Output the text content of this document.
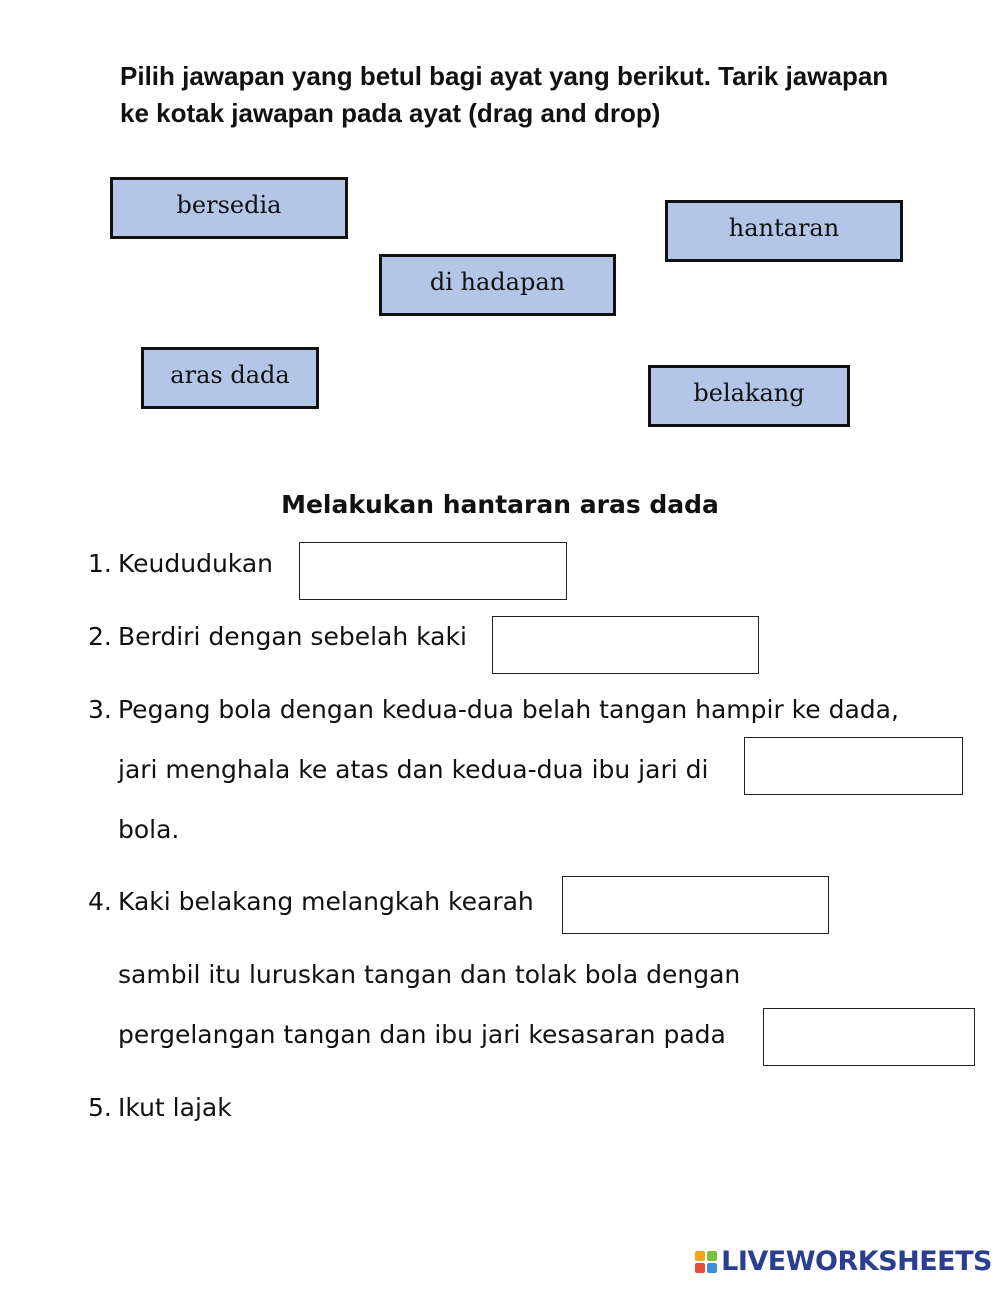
Pilih jawapan yang betul bagi ayat yang berikut. Tarik jawapan ke kotak jawapan pada ayat (drag and drop)

bersedia
hantaran
di hadapan
aras dada
belakang
Melakukan hantaran aras dada
1. Keududukan
2. Berdiri dengan sebelah kaki
3. Pegang bola dengan kedua-dua belah tangan hampir ke dada,
jari menghala ke atas dan kedua-dua ibu jari di
bola.
4. Kaki belakang melangkah kearah
sambil itu luruskan tangan dan tolak bola dengan
pergelangan tangan dan ibu jari kesasaran pada
5. Ikut lajak
LIVEWORKSHEETS
